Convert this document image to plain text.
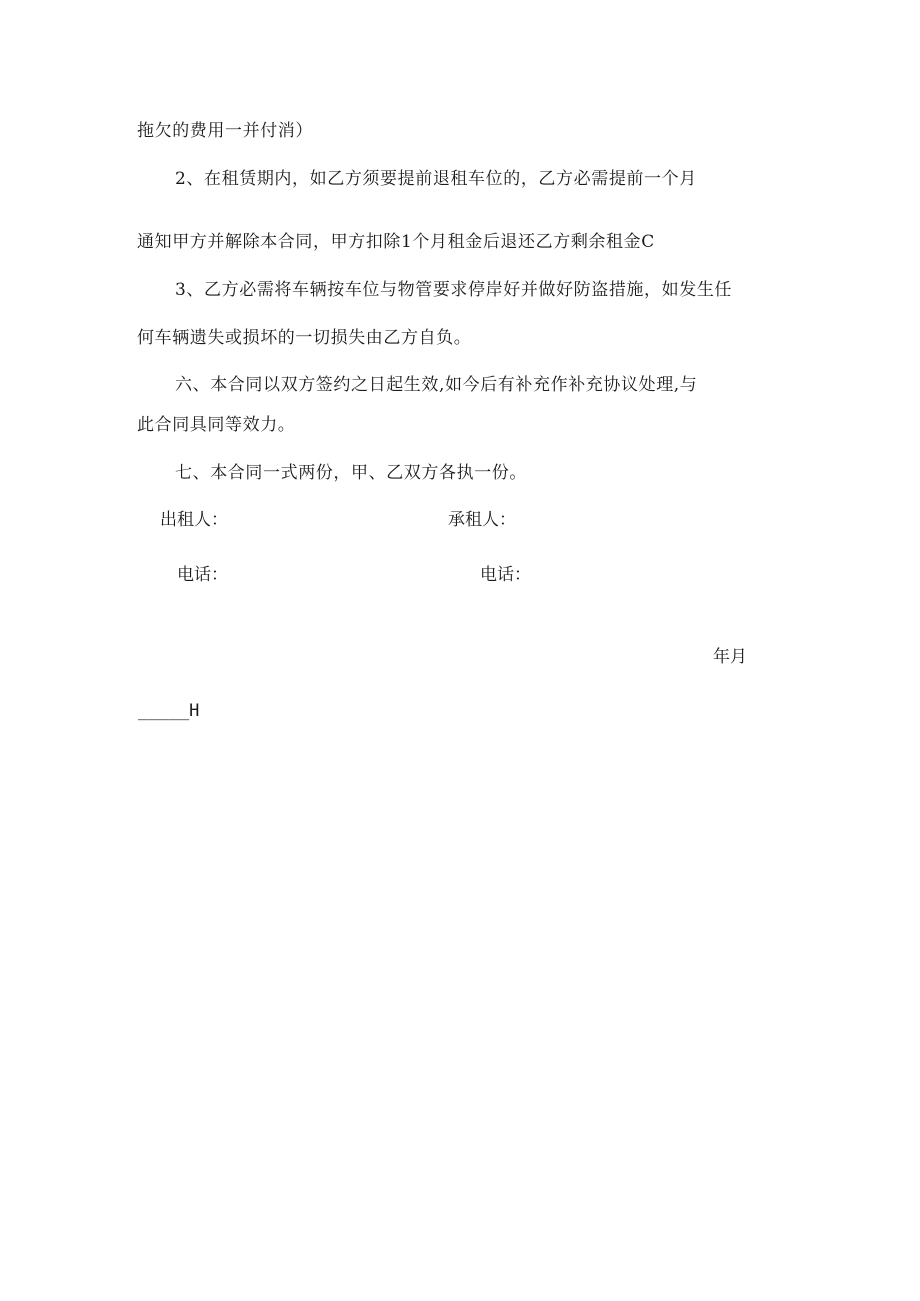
拖欠的费用一并付消）
2、在租赁期内，如乙方须要提前退租车位的，乙方必需提前一个月
通知甲方并解除本合同，甲方扣除1个月租金后退还乙方剩余租金C
3、乙方必需将车辆按车位与物管要求停岸好并做好防盗措施，如发生任
何车辆遗失或损坏的一切损失由乙方自负。
六、本合同以双方签约之日起生效,如今后有补充作补充协议处理,与
此合同具同等效力。
七、本合同一式两份，甲、乙双方各执一份。
出租人：	承租人：
电话：	电话：
年月
_____H
